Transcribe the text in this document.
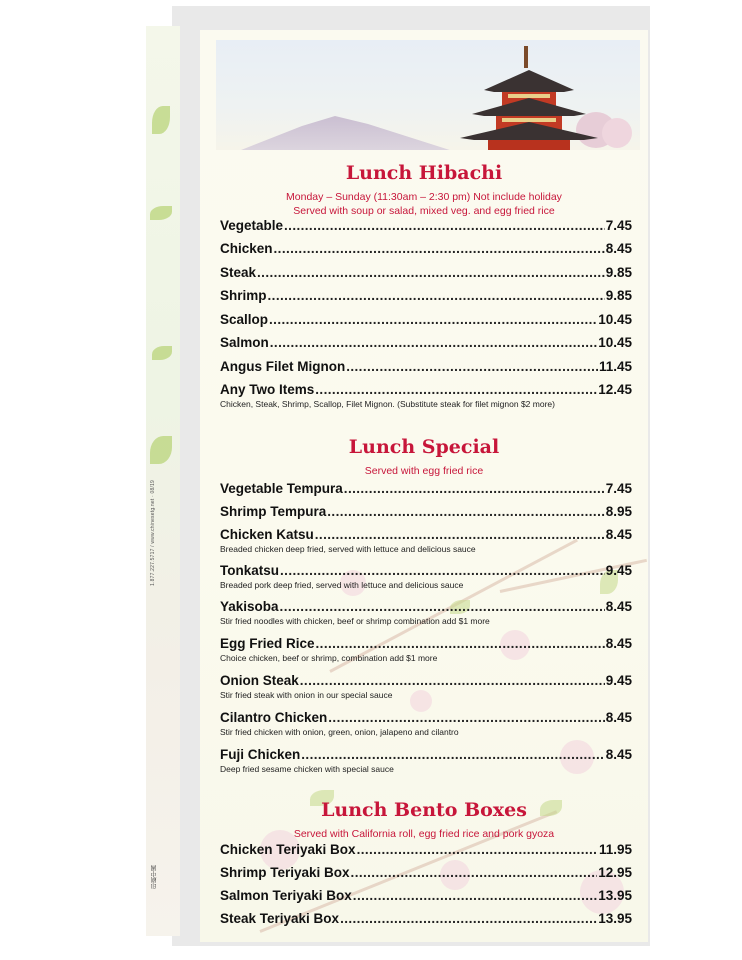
1.877.227.5717 / www.chinesetg.net · 08/19
印刷中國
Lunch Hibachi
Monday – Sunday (11:30am – 2:30 pm) Not include holiday
Served with soup or salad, mixed veg. and egg fried rice
Vegetable .....	7.45
Chicken .....	8.45
Steak .....	9.85
Shrimp .....	9.85
Scallop .....	10.45
Salmon .....	10.45
Angus Filet Mignon .....	11.45
Any Two Items .....	12.45
Chicken, Steak, Shrimp, Scallop, Filet Mignon. (Substitute steak for filet mignon $2 more)
Lunch Special
Served with egg fried rice
Vegetable Tempura .....	7.45
Shrimp Tempura .....	8.95
Chicken Katsu .....	8.45
Breaded chicken deep fried, served with lettuce and delicious sauce
Tonkatsu .....	9.45
Breaded pork deep fried, served with lettuce and delicious sauce
Yakisoba .....	8.45
Stir fried noodles with chicken, beef or shrimp combination add $1 more
Egg Fried Rice .....	8.45
Choice chicken, beef or shrimp, combination add $1 more
Onion Steak .....	9.45
Stir fried steak with onion in our special sauce
Cilantro Chicken .....	8.45
Stir fried chicken with onion, green, onion, jalapeno and cilantro
Fuji Chicken .....	8.45
Deep fried sesame chicken with special sauce
Lunch Bento Boxes
Served with California roll, egg fried rice and pork gyoza
Chicken Teriyaki Box .....	11.95
Shrimp Teriyaki Box .....	12.95
Salmon Teriyaki Box .....	13.95
Steak Teriyaki Box .....	13.95
